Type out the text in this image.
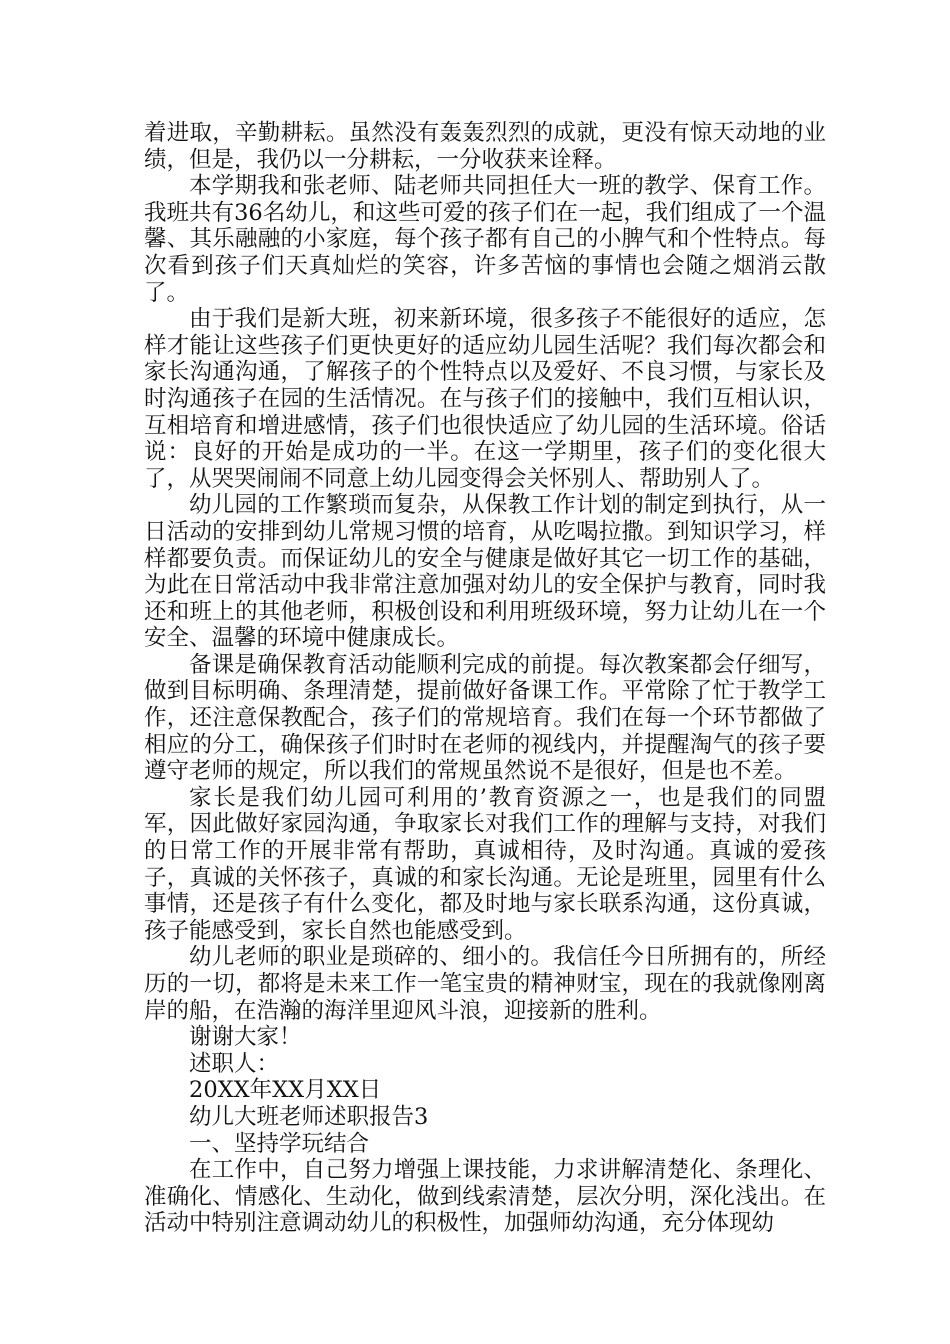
着进取，辛勤耕耘。虽然没有轰轰烈烈的成就，更没有惊天动地的业绩，但是，我仍以一分耕耘，一分收获来诠释。

本学期我和张老师、陆老师共同担任大一班的教学、保育工作。我班共有36名幼儿，和这些可爱的孩子们在一起，我们组成了一个温馨、其乐融融的小家庭，每个孩子都有自己的小脾气和个性特点。每次看到孩子们天真灿烂的笑容，许多苦恼的事情也会随之烟消云散了。

由于我们是新大班，初来新环境，很多孩子不能很好的适应，怎样才能让这些孩子们更快更好的适应幼儿园生活呢？我们每次都会和家长沟通沟通，了解孩子的个性特点以及爱好、不良习惯，与家长及时沟通孩子在园的生活情况。在与孩子们的接触中，我们互相认识，互相培育和增进感情，孩子们也很快适应了幼儿园的生活环境。俗话说：良好的开始是成功的一半。在这一学期里，孩子们的变化很大了，从哭哭闹闹不同意上幼儿园变得会关怀别人、帮助别人了。

幼儿园的工作繁琐而复杂，从保教工作计划的制定到执行，从一日活动的安排到幼儿常规习惯的培育，从吃喝拉撒。到知识学习，样样都要负责。而保证幼儿的安全与健康是做好其它一切工作的基础，为此在日常活动中我非常注意加强对幼儿的安全保护与教育，同时我还和班上的其他老师，积极创设和利用班级环境，努力让幼儿在一个安全、温馨的环境中健康成长。

备课是确保教育活动能顺利完成的前提。每次教案都会仔细写，做到目标明确、条理清楚，提前做好备课工作。平常除了忙于教学工作，还注意保教配合，孩子们的常规培育。我们在每一个环节都做了相应的分工，确保孩子们时时在老师的视线内，并提醒淘气的孩子要遵守老师的规定，所以我们的常规虽然说不是很好，但是也不差。

家长是我们幼儿园可利用的’教育资源之一，也是我们的同盟军，因此做好家园沟通，争取家长对我们工作的理解与支持，对我们的日常工作的开展非常有帮助，真诚相待，及时沟通。真诚的爱孩子，真诚的关怀孩子，真诚的和家长沟通。无论是班里，园里有什么事情，还是孩子有什么变化，都及时地与家长联系沟通，这份真诚，孩子能感受到，家长自然也能感受到。

幼儿老师的职业是琐碎的、细小的。我信任今日所拥有的，所经历的一切，都将是未来工作一笔宝贵的精神财宝，现在的我就像刚离岸的船，在浩瀚的海洋里迎风斗浪，迎接新的胜利。

谢谢大家！

述职人：

20XX年XX月XX日

幼儿大班老师述职报告3

一、坚持学玩结合

在工作中，自己努力增强上课技能，力求讲解清楚化、条理化、准确化、情感化、生动化，做到线索清楚，层次分明，深化浅出。在活动中特别注意调动幼儿的积极性，加强师幼沟通，充分体现幼
